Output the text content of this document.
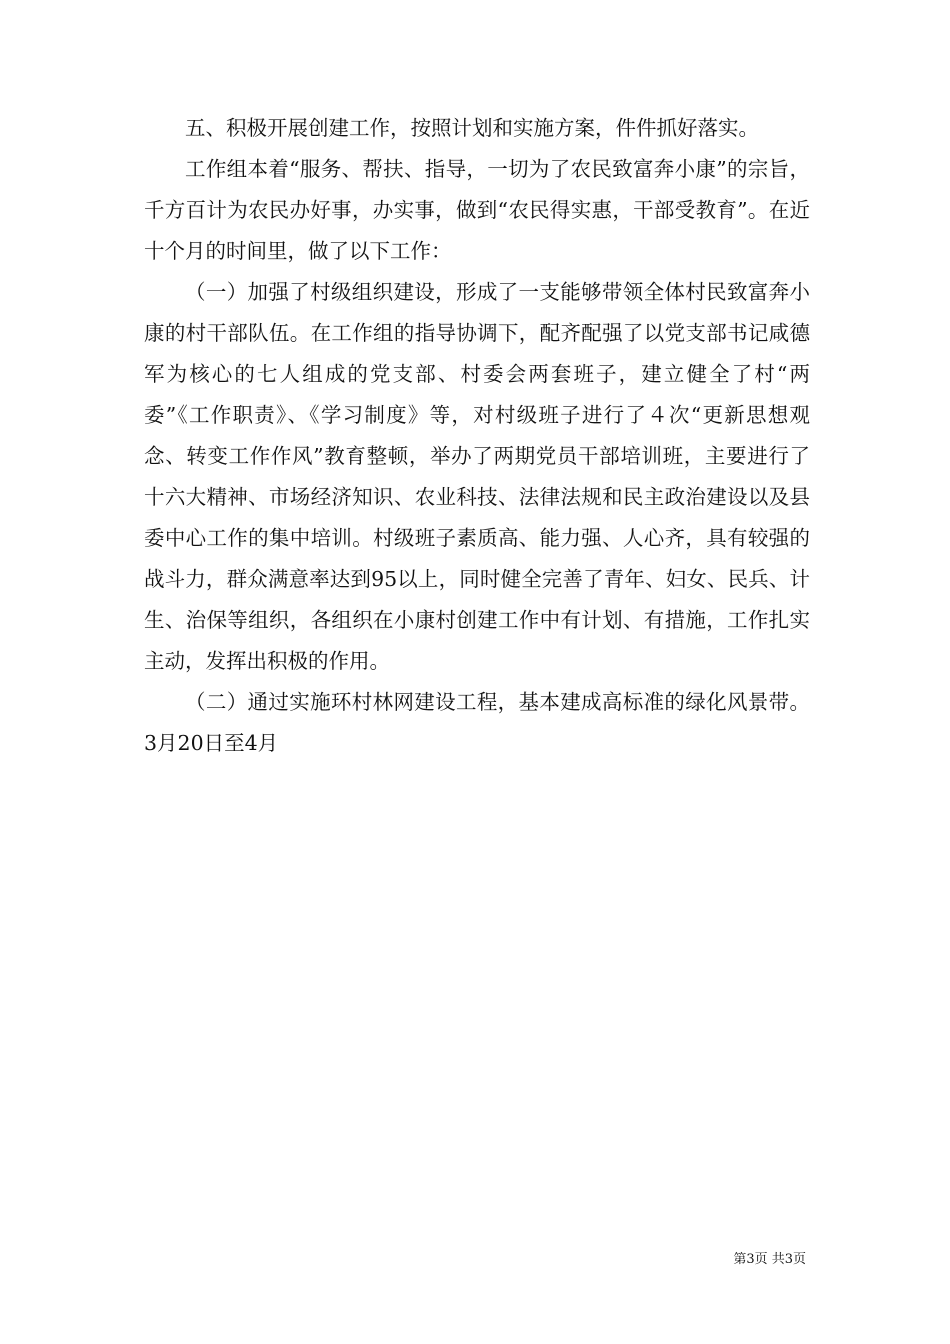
五、积极开展创建工作，按照计划和实施方案，件件抓好落实。

工作组本着“服务、帮扶、指导，一切为了农民致富奔小康”的宗旨，千方百计为农民办好事，办实事，做到“农民得实惠，干部受教育”。在近十个月的时间里，做了以下工作：

（一）加强了村级组织建设，形成了一支能够带领全体村民致富奔小康的村干部队伍。在工作组的指导协调下，配齐配强了以党支部书记咸德军为核心的七人组成的党支部、村委会两套班子，建立健全了村“两委”《工作职责》、《学习制度》等，对村级班子进行了４次“更新思想观念、转变工作作风”教育整顿，举办了两期党员干部培训班，主要进行了十六大精神、市场经济知识、农业科技、法律法规和民主政治建设以及县委中心工作的集中培训。村级班子素质高、能力强、人心齐，具有较强的战斗力，群众满意率达到95以上，同时健全完善了青年、妇女、民兵、计生、治保等组织，各组织在小康村创建工作中有计划、有措施，工作扎实主动，发挥出积极的作用。

（二）通过实施环村林网建设工程，基本建成高标准的绿化风景带。3月20日至4月

第3页 共3页
